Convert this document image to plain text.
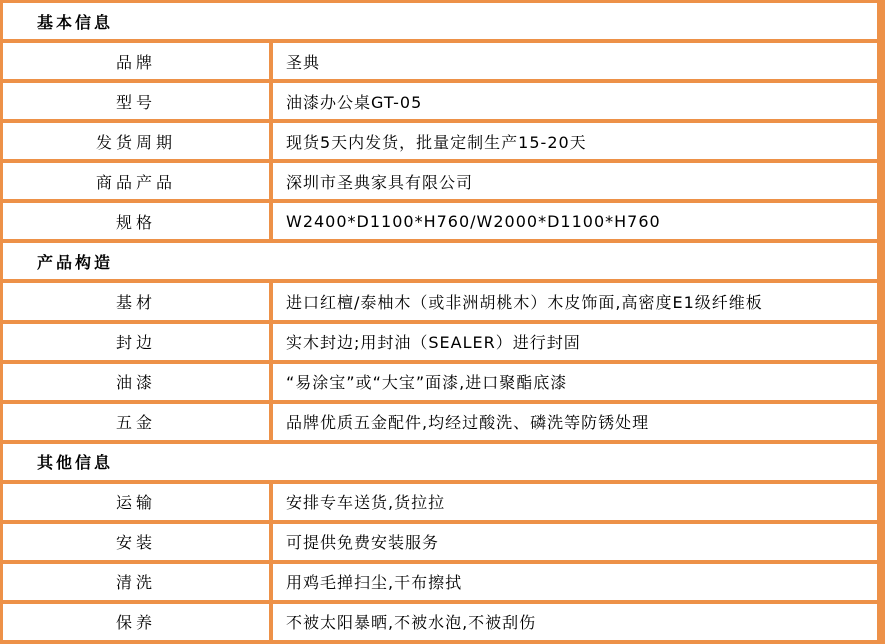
基本信息
品牌	圣典
型号	油漆办公桌GT-05
发货周期	现货5天内发货，批量定制生产15-20天
商品产品	深圳市圣典家具有限公司
规格	W2400*D1100*H760/W2000*D1100*H760
产品构造
基材	进口红檀/泰柚木（或非洲胡桃木）木皮饰面,高密度E1级纤维板
封边	实木封边;用封油（SEALER）进行封固
油漆	“易涂宝”或“大宝”面漆,进口聚酯底漆
五金	品牌优质五金配件,均经过酸洗、磷洗等防锈处理
其他信息
运输	安排专车送货,货拉拉
安装	可提供免费安装服务
清洗	用鸡毛掸扫尘,干布擦拭
保养	不被太阳暴晒,不被水泡,不被刮伤
